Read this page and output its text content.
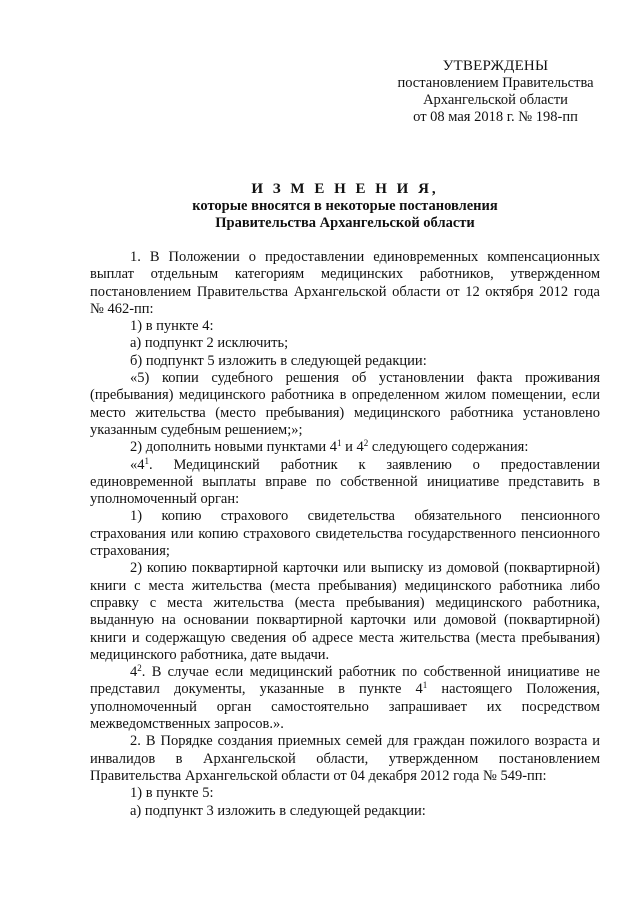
УТВЕРЖДЕНЫ
постановлением Правительства
Архангельской области
от 08 мая 2018 г. № 198-пп
И З М Е Н Е Н И Я,
которые вносятся в некоторые постановления
Правительства Архангельской области

1. В Положении о предоставлении единовременных компенсационных выплат отдельным категориям медицинских работников, утвержденном постановлением Правительства Архангельской области от 12 октября 2012 года № 462-пп:

1) в пункте 4:

а) подпункт 2 исключить;

б) подпункт 5 изложить в следующей редакции:

«5) копии судебного решения об установлении факта проживания (пребывания) медицинского работника в определенном жилом помещении, если место жительства (место пребывания) медицинского работника установлено указанным судебным решением;»;

2) дополнить новыми пунктами $4^1$ и $4^2$ следующего содержания:

«$4^1$. Медицинский работник к заявлению о предоставлении единовременной выплаты вправе по собственной инициативе представить в уполномоченный орган:

1) копию страхового свидетельства обязательного пенсионного страхования или копию страхового свидетельства государственного пенсионного страхования;

2) копию поквартирной карточки или выписку из домовой (поквартирной) книги с места жительства (места пребывания) медицинского работника либо справку с места жительства (места пребывания) медицинского работника, выданную на основании поквартирной карточки или домовой (поквартирной) книги и содержащую сведения об адресе места жительства (места пребывания) медицинского работника, дате выдачи.

$4^2$. В случае если медицинский работник по собственной инициативе не представил документы, указанные в пункте $4^1$ настоящего Положения, уполномоченный орган самостоятельно запрашивает их посредством межведомственных запросов.».

2. В Порядке создания приемных семей для граждан пожилого возраста и инвалидов в Архангельской области, утвержденном постановлением Правительства Архангельской области от 04 декабря 2012 года № 549-пп:

1) в пункте 5:

а) подпункт 3 изложить в следующей редакции:
